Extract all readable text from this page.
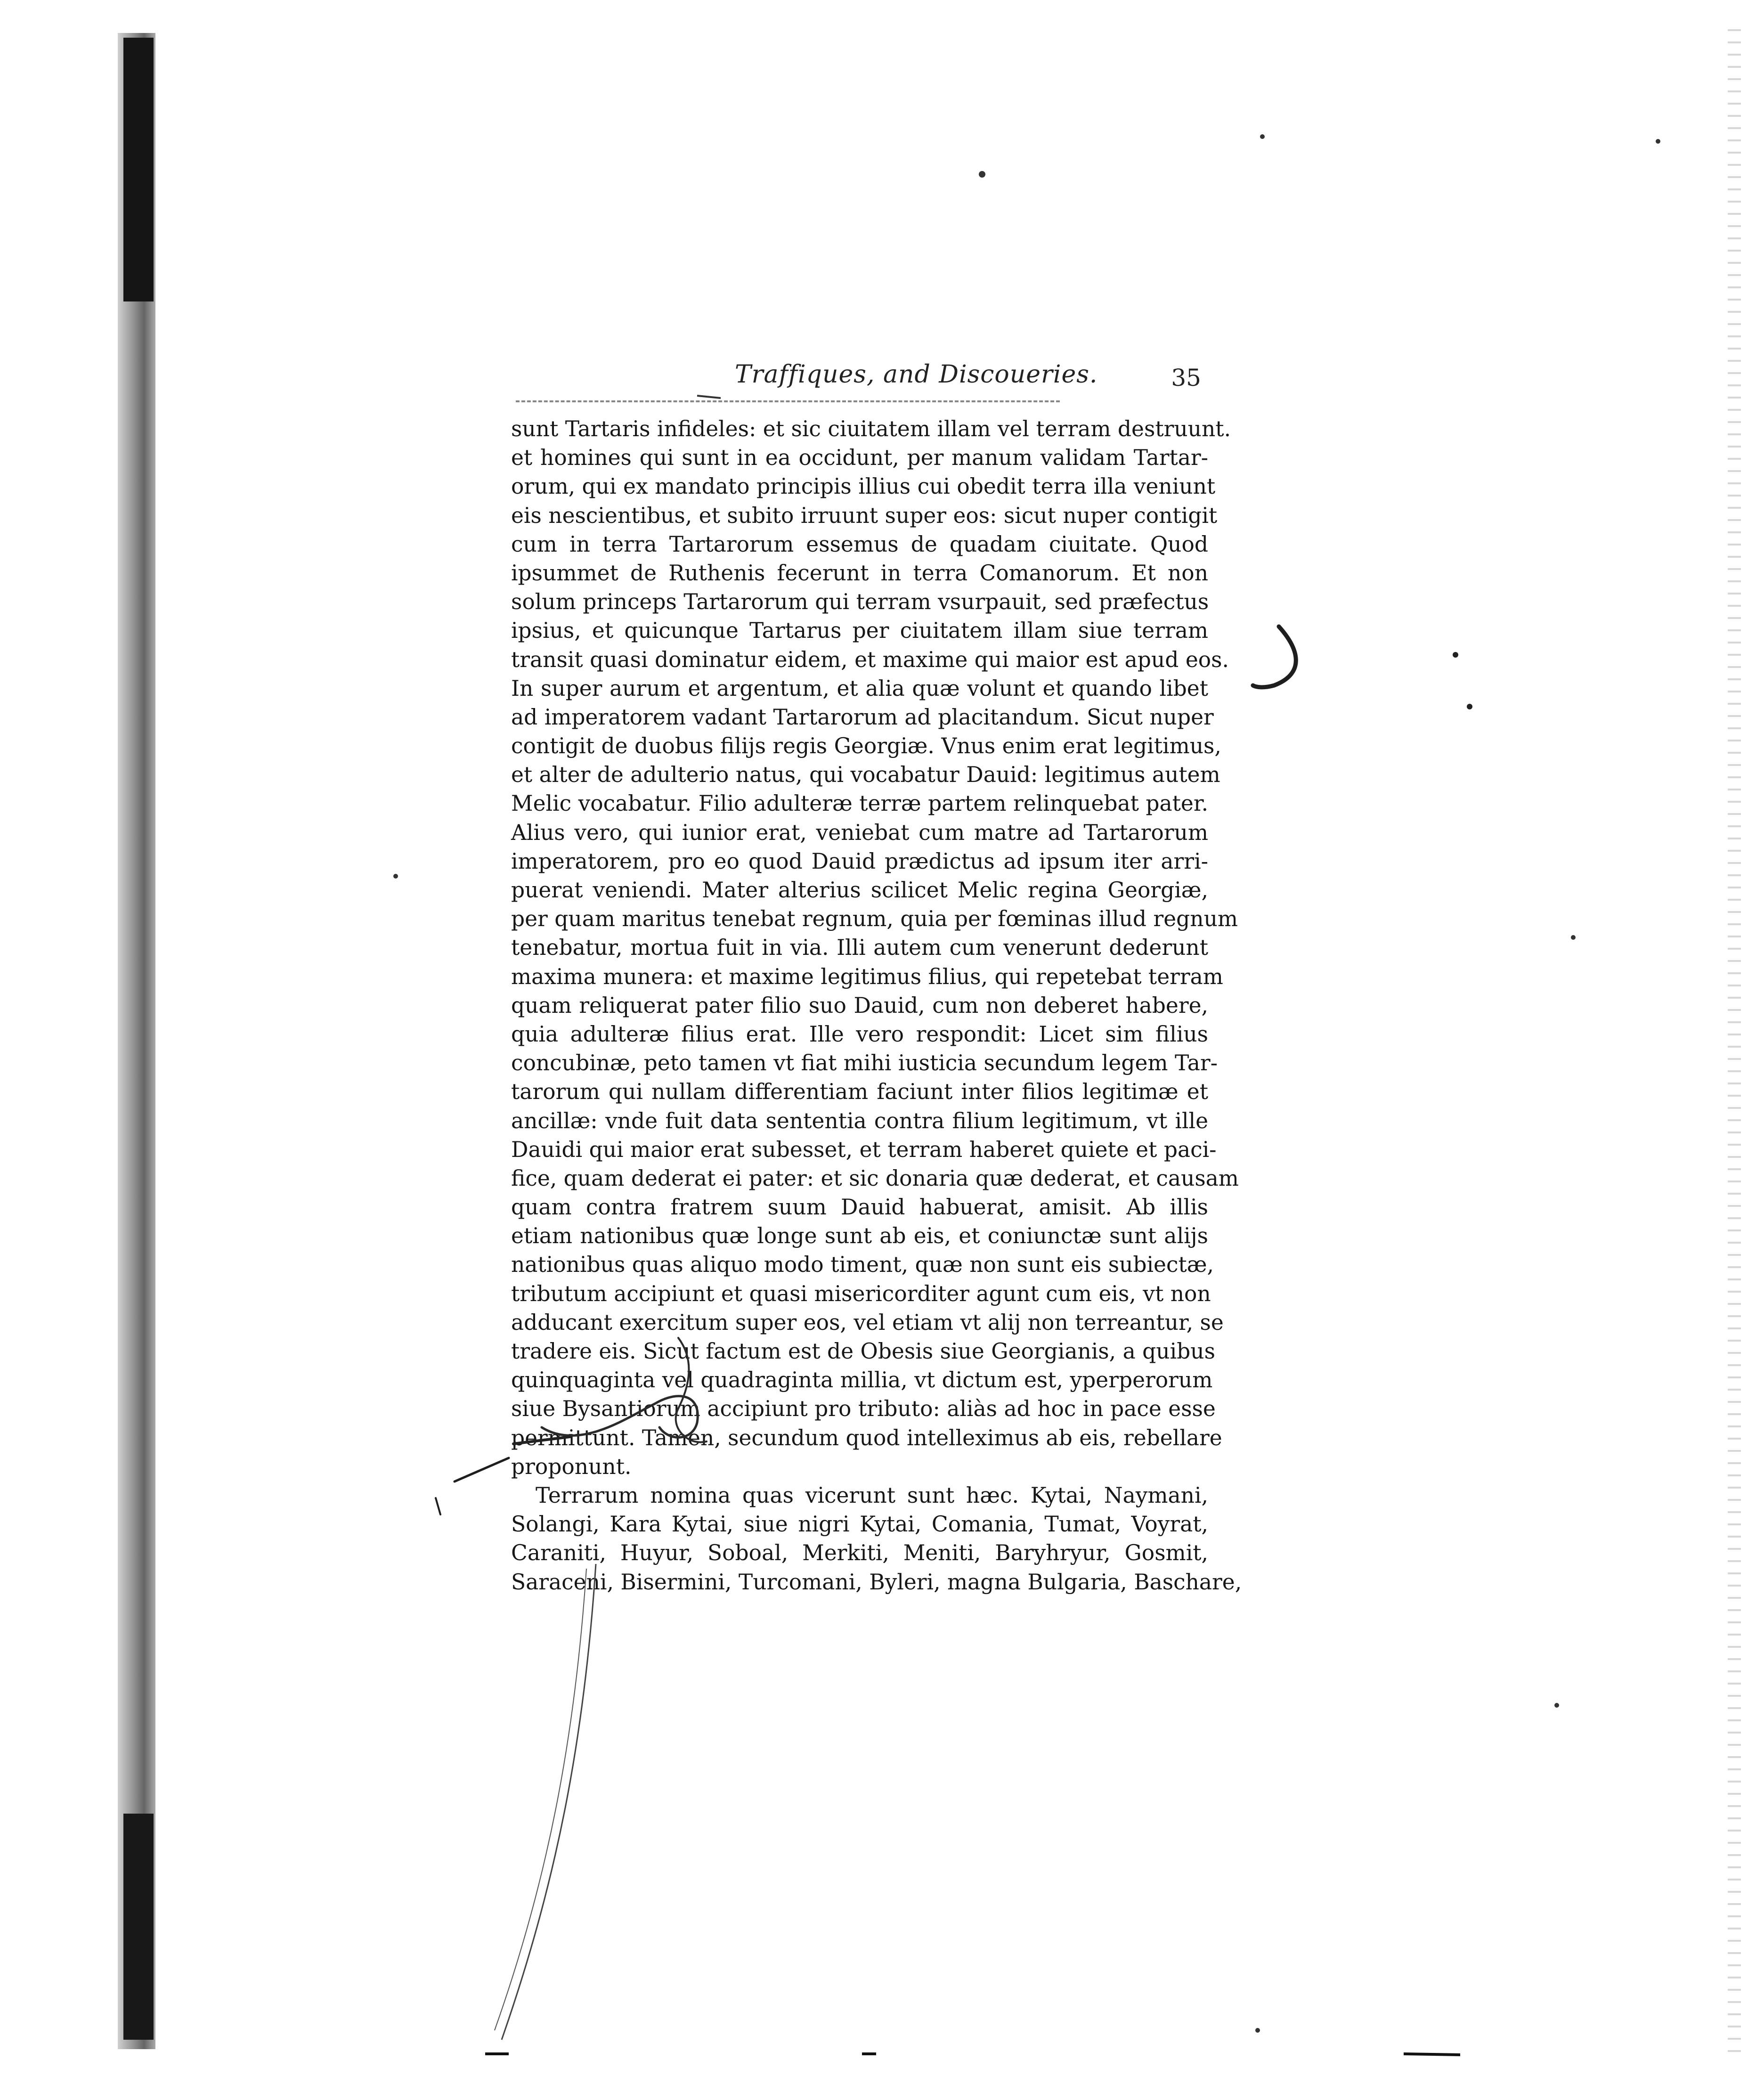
Traffiques, and Discoueries.	35
sunt Tartaris infideles: et sic ciuitatem illam vel terram destruunt.
et homines qui sunt in ea occidunt, per manum validam Tartar-
orum, qui ex mandato principis illius cui obedit terra illa veniunt
eis nescientibus, et subito irruunt super eos: sicut nuper contigit
cum in terra Tartarorum essemus de quadam ciuitate. Quod
ipsummet de Ruthenis fecerunt in terra Comanorum. Et non
solum princeps Tartarorum qui terram vsurpauit, sed præfectus
ipsius, et quicunque Tartarus per ciuitatem illam siue terram
transit quasi dominatur eidem, et maxime qui maior est apud eos.
In super aurum et argentum, et alia quæ volunt et quando libet
ad imperatorem vadant Tartarorum ad placitandum. Sicut nuper
contigit de duobus filijs regis Georgiæ. Vnus enim erat legitimus,
et alter de adulterio natus, qui vocabatur Dauid: legitimus autem
Melic vocabatur. Filio adulteræ terræ partem relinquebat pater.
Alius vero, qui iunior erat, veniebat cum matre ad Tartarorum
imperatorem, pro eo quod Dauid prædictus ad ipsum iter arri-
puerat veniendi. Mater alterius scilicet Melic regina Georgiæ,
per quam maritus tenebat regnum, quia per fœminas illud regnum
tenebatur, mortua fuit in via. Illi autem cum venerunt dederunt
maxima munera: et maxime legitimus filius, qui repetebat terram
quam reliquerat pater filio suo Dauid, cum non deberet habere,
quia adulteræ filius erat. Ille vero respondit: Licet sim filius
concubinæ, peto tamen vt fiat mihi iusticia secundum legem Tar-
tarorum qui nullam differentiam faciunt inter filios legitimæ et
ancillæ: vnde fuit data sententia contra filium legitimum, vt ille
Dauidi qui maior erat subesset, et terram haberet quiete et paci-
fice, quam dederat ei pater: et sic donaria quæ dederat, et causam
quam contra fratrem suum Dauid habuerat, amisit. Ab illis
etiam nationibus quæ longe sunt ab eis, et coniunctæ sunt alijs
nationibus quas aliquo modo timent, quæ non sunt eis subiectæ,
tributum accipiunt et quasi misericorditer agunt cum eis, vt non
adducant exercitum super eos, vel etiam vt alij non terreantur, se
tradere eis. Sicut factum est de Obesis siue Georgianis, a quibus
quinquaginta vel quadraginta millia, vt dictum est, yperperorum
siue Bysantiorum accipiunt pro tributo: aliàs ad hoc in pace esse
permittunt. Tamen, secundum quod intelleximus ab eis, rebellare
proponunt.
Terrarum nomina quas vicerunt sunt hæc. Kytai, Naymani,
Solangi, Kara Kytai, siue nigri Kytai, Comania, Tumat, Voyrat,
Caraniti, Huyur, Soboal, Merkiti, Meniti, Baryhryur, Gosmit,
Saraceni, Bisermini, Turcomani, Byleri, magna Bulgaria, Baschare,
